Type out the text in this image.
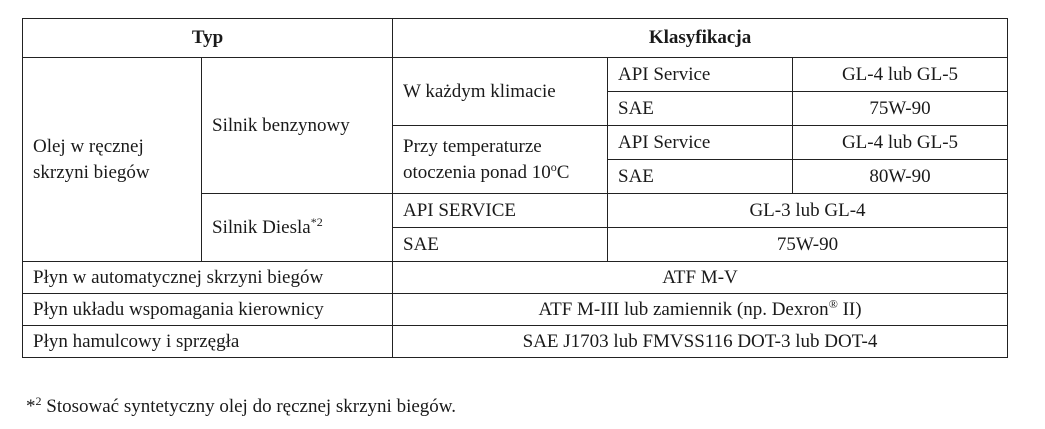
Typ		Klasyfikacja		
Olej w ręcznej
skrzyni biegów	Silnik benzynowy	W każdym klimacie	API Service	GL-4 lub GL-5
			SAE	75W-90
		Przy temperaturze
otoczenia ponad 10$^o$C	API Service	GL-4 lub GL-5
			SAE	80W-90
	Silnik Diesla$^{*2}$	API SERVICE	GL-3 lub GL-4	
		SAE	75W-90	
Płyn w automatycznej skrzyni biegów		ATF M-V		
Płyn układu wspomagania kierownicy		ATF M-III lub zamiennik (np. Dexron® II)		
Płyn hamulcowy i sprzęgła		SAE J1703 lub FMVSS116 DOT-3 lub DOT-4		
*$^2$ Stosować syntetyczny olej do ręcznej skrzyni biegów.
